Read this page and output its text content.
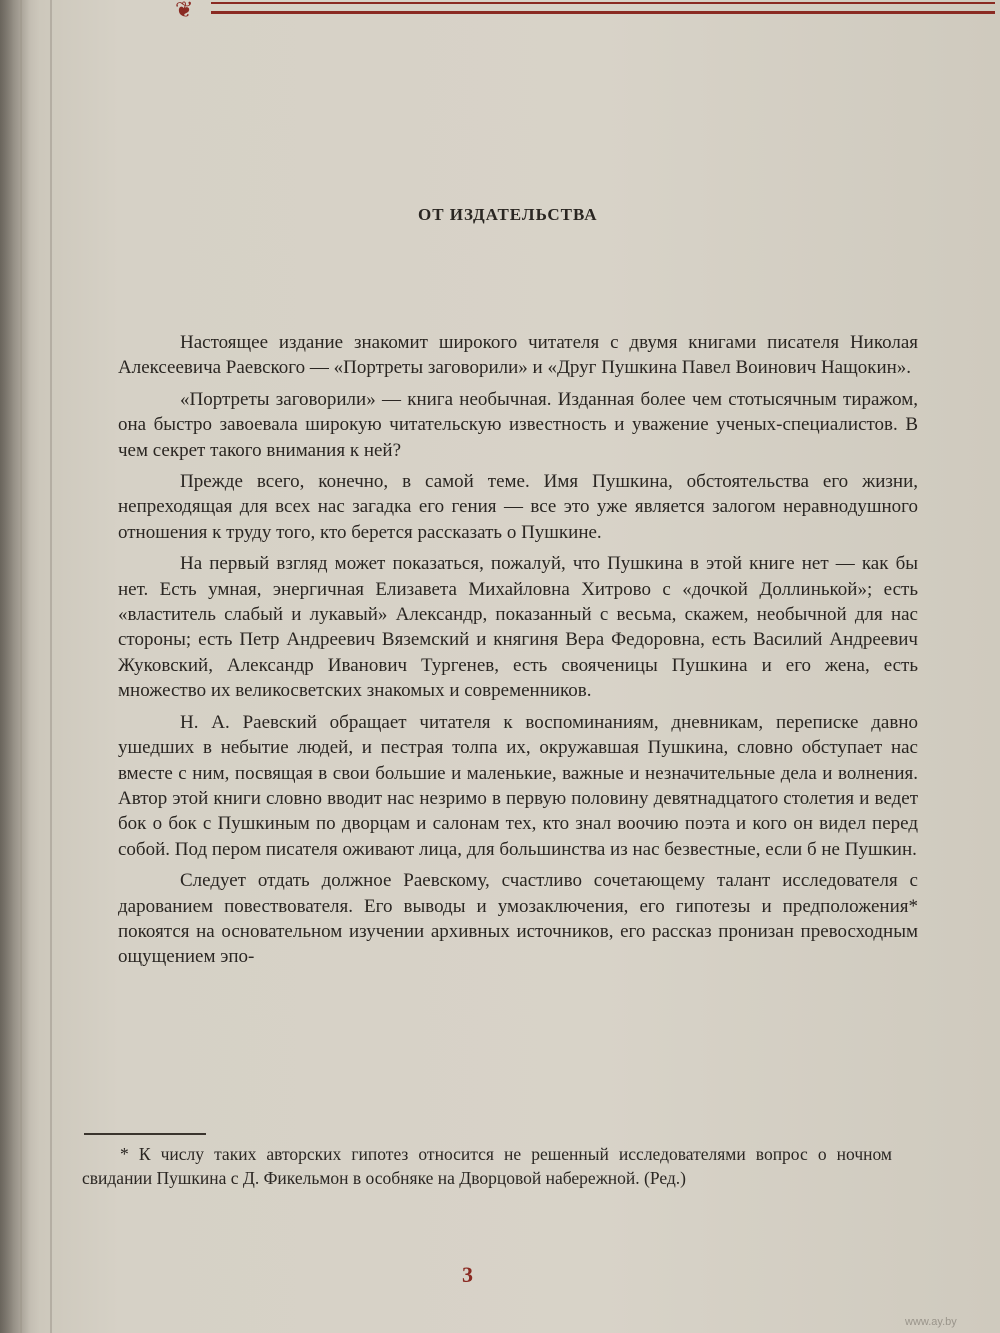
❦
ОТ ИЗДАТЕЛЬСТВА

Настоящее издание знакомит широкого читателя с двумя книгами писателя Николая Алексеевича Раевского — «Портреты заговорили» и «Друг Пушкина Павел Воинович Нащокин».

«Портреты заговорили» — книга необычная. Изданная более чем стотысячным тиражом, она быстро завоевала широкую читательскую известность и уважение ученых-специалистов. В чем секрет такого внимания к ней?

Прежде всего, конечно, в самой теме. Имя Пушкина, обстоятельства его жизни, непреходящая для всех нас загадка его гения — все это уже является залогом неравнодушного отношения к труду того, кто берется рассказать о Пушкине.

На первый взгляд может показаться, пожалуй, что Пушкина в этой книге нет — как бы нет. Есть умная, энергичная Елизавета Михайловна Хитрово с «дочкой Доллинькой»; есть «властитель слабый и лукавый» Александр, показанный с весьма, скажем, необычной для нас стороны; есть Петр Андреевич Вяземский и княгиня Вера Федоровна, есть Василий Андреевич Жуковский, Александр Иванович Тургенев, есть свояченицы Пушкина и его жена, есть множество их великосветских знакомых и современников.

Н. А. Раевский обращает читателя к воспоминаниям, дневникам, переписке давно ушедших в небытие людей, и пестрая толпа их, окружавшая Пушкина, словно обступает нас вместе с ним, посвящая в свои большие и маленькие, важные и незначительные дела и волнения. Автор этой книги словно вводит нас незримо в первую половину девятнадцатого столетия и ведет бок о бок с Пушкиным по дворцам и салонам тех, кто знал воочию поэта и кого он видел перед собой. Под пером писателя оживают лица, для большинства из нас безвестные, если б не Пушкин.

Следует отдать должное Раевскому, счастливо сочетающему талант исследователя с дарованием повествователя. Его выводы и умозаключения, его гипотезы и предположения* покоятся на основательном изучении архивных источников, его рассказ пронизан превосходным ощущением эпо-

* К числу таких авторских гипотез относится не решенный исследователями вопрос о ночном свидании Пушкина с Д. Фикельмон в особняке на Дворцовой набережной. (Ред.)

3
www.ay.by
